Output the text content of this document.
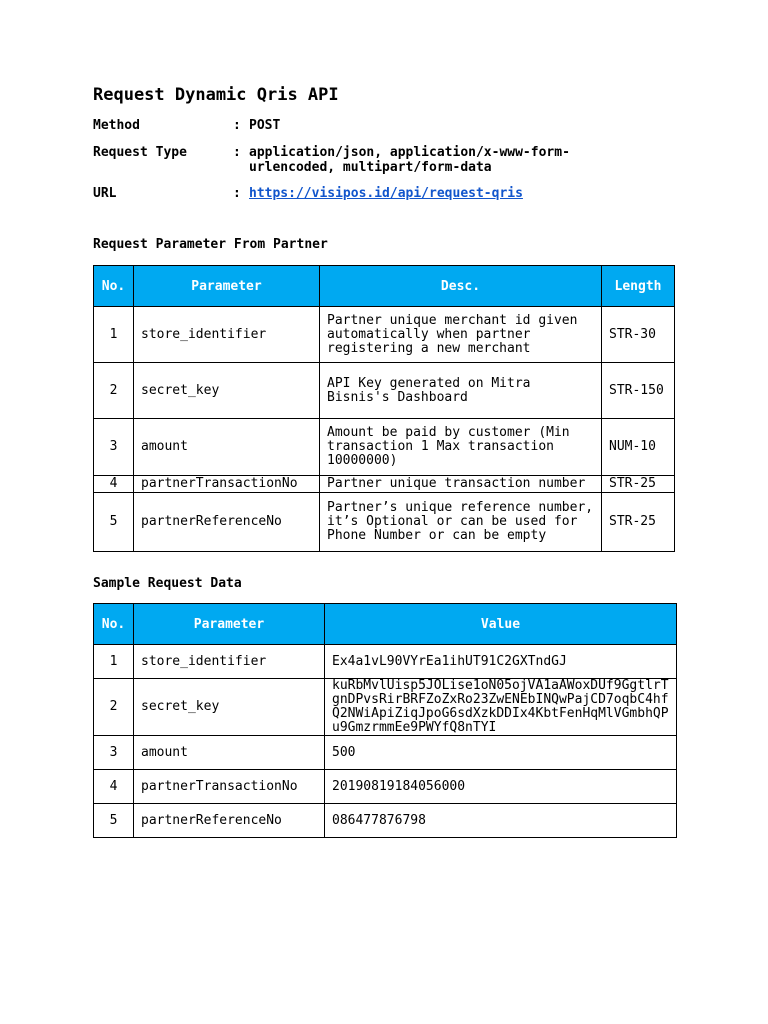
Request Dynamic Qris API
Method	: POST
Request Type	: application/json, application/x-www-form-urlencoded, multipart/form-data
URL	: https://visipos.id/api/request-qris
Request Parameter From Partner
No.	Parameter	Desc.	Length
1	store_identifier	Partner unique merchant id given automatically when partner registering a new merchant	STR-30
2	secret_key	API Key generated on Mitra Bisnis's Dashboard	STR-150
3	amount	Amount be paid by customer (Min transaction 1 Max transaction 10000000)	NUM-10
4	partnerTransactionNo	Partner unique transaction number	STR-25
5	partnerReferenceNo	Partner’s unique reference number, it’s Optional or can be used for Phone Number or can be empty	STR-25
Sample Request Data
No.	Parameter	Value
1	store_identifier	Ex4a1vL90VYrEa1ihUT91C2GXTndGJ
2	secret_key	kuRbMvlUisp5JOLise1oN05ojVA1aAWoxDUf9GgtlrTgnDPvsRirBRFZoZxRo23ZwENEbINQwPajCD7oqbC4hfQ2NWiApiZiqJpoG6sdXzkDDIx4KbtFenHqMlVGmbhQPu9GmzrmmEe9PWYfQ8nTYI
3	amount	500
4	partnerTransactionNo	20190819184056000
5	partnerReferenceNo	086477876798
